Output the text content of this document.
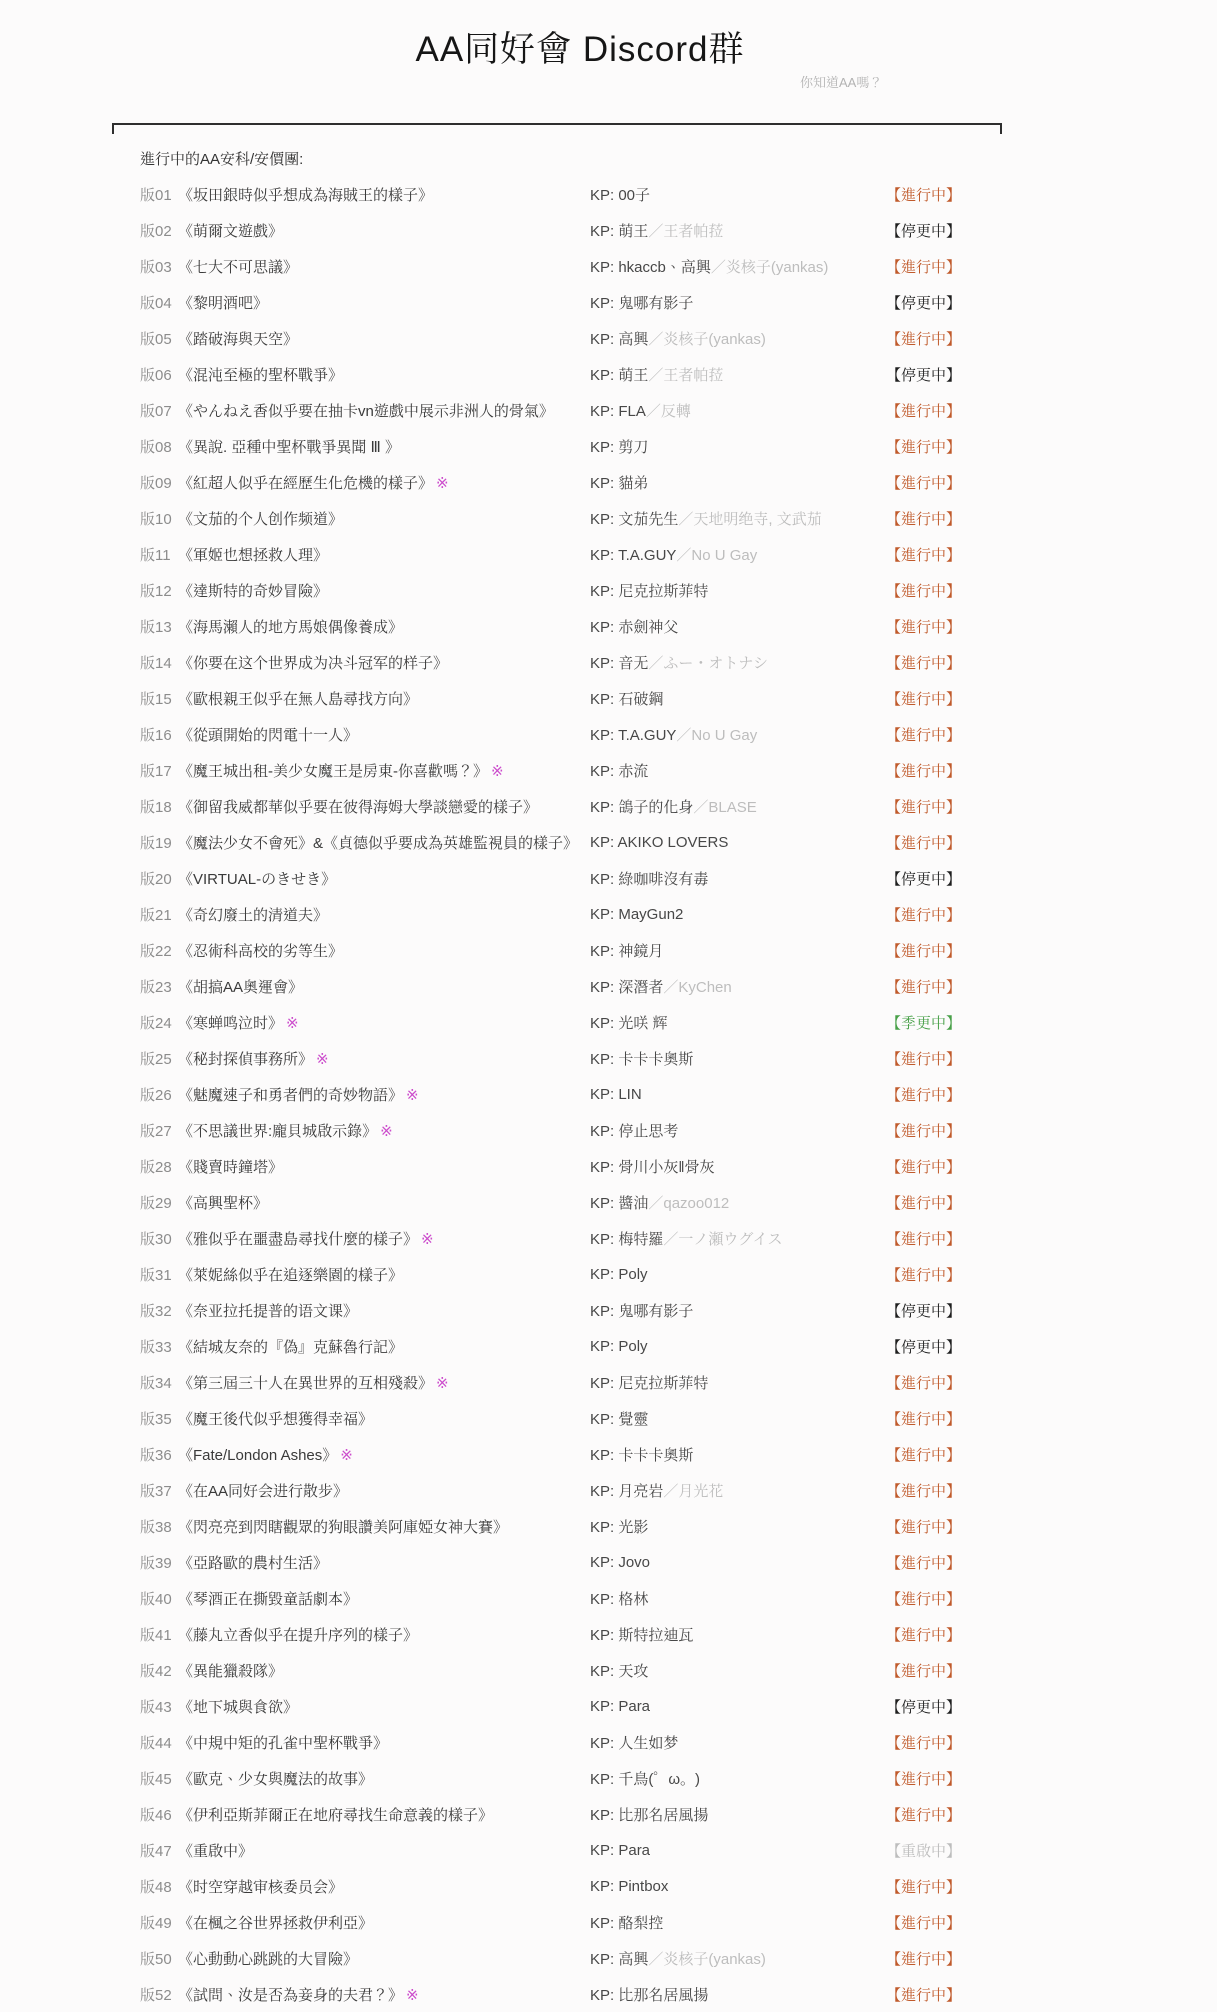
AA同好會 Discord群
你知道AA嗎？
進行中的AA安科/安價團:
版01 《坂田銀時似乎想成為海賊王的樣子》	KP: 00子	【進行中】
版02 《萌爾文遊戲》	KP: 萌王／王者帕菈	【停更中】
版03 《七大不可思議》	KP: hkaccb、高興／炎核子(yankas)	【進行中】
版04 《黎明酒吧》	KP: 鬼哪有影子	【停更中】
版05 《踏破海與天空》	KP: 高興／炎核子(yankas)	【進行中】
版06 《混沌至極的聖杯戰爭》	KP: 萌王／王者帕菈	【停更中】
版07 《やんねえ香似乎要在抽卡vn遊戲中展示非洲人的骨氣》	KP: FLA／反轉	【進行中】
版08 《異說. 亞種中聖杯戰爭異聞 Ⅲ 》	KP: 剪刀	【進行中】
版09 《紅超人似乎在經歷生化危機的樣子》 ※	KP: 貓弟	【進行中】
版10 《文茄的个人创作频道》	KP: 文茄先生／天地明绝寺, 文武茄	【進行中】
版11 《軍姬也想拯救人理》	KP: T.A.GUY／No U Gay	【進行中】
版12 《達斯特的奇妙冒險》	KP: 尼克拉斯菲特	【進行中】
版13 《海馬瀨人的地方馬娘偶像養成》	KP: 赤劍神父	【進行中】
版14 《你要在这个世界成为决斗冠军的样子》	KP: 音无／ふー・オトナシ	【進行中】
版15 《歐根親王似乎在無人島尋找方向》	KP: 石破鋼	【進行中】
版16 《從頭開始的閃電十一人》	KP: T.A.GUY／No U Gay	【進行中】
版17 《魔王城出租-美少女魔王是房東-你喜歡嗎？》 ※	KP: 赤流	【進行中】
版18 《御留我威都華似乎要在彼得海姆大學談戀愛的樣子》	KP: 鴿子的化身／BLASE	【進行中】
版19 《魔法少女不會死》&《貞德似乎要成為英雄監視員的樣子》 KP: AKIKO LOVERS	【進行中】
版20 《VIRTUAL-のきせき》	KP: 綠咖啡沒有毒	【停更中】
版21 《奇幻廢土的清道夫》	KP: MayGun2	【進行中】
版22 《忍術科高校的劣等生》	KP: 神鏡月	【進行中】
版23 《胡搞AA奧運會》	KP: 深潛者／KyChen	【進行中】
版24 《寒蝉鸣泣时》 ※	KP: 光咲 辉	【季更中】
版25 《秘封探偵事務所》 ※	KP: 卡卡卡奧斯	【進行中】
版26 《魅魔速子和勇者們的奇妙物語》 ※	KP: LIN	【進行中】
版27 《不思議世界:龐貝城啟示錄》 ※	KP: 停止思考	【進行中】
版28 《賤賣時鐘塔》	KP: 骨川小灰‖骨灰	【進行中】
版29 《高興聖杯》	KP: 醬油／qazoo012	【進行中】
版30 《雅似乎在噩盡島尋找什麼的樣子》 ※	KP: 梅特羅／一ノ瀬ウグイス	【進行中】
版31 《萊妮絲似乎在追逐樂園的樣子》	KP: Poly	【進行中】
版32 《奈亚拉托提普的语文课》	KP: 鬼哪有影子	【停更中】
版33 《結城友奈的『偽』克蘇魯行記》	KP: Poly	【停更中】
版34 《第三屆三十人在異世界的互相殘殺》 ※	KP: 尼克拉斯菲特	【進行中】
版35 《魔王後代似乎想獲得幸福》	KP: 覺靈	【進行中】
版36 《Fate/London Ashes》 ※	KP: 卡卡卡奧斯	【進行中】
版37 《在AA同好会进行散步》	KP: 月亮岩／月光花	【進行中】
版38 《閃亮亮到閃瞎觀眾的狗眼讚美阿庫婭女神大賽》	KP: 光影	【進行中】
版39 《亞路歐的農村生活》	KP: Jovo	【進行中】
版40 《琴酒正在撕毀童話劇本》	KP: 格林	【進行中】
版41 《藤丸立香似乎在提升序列的樣子》	KP: 斯特拉迪瓦	【進行中】
版42 《異能獵殺隊》	KP: 天攻	【進行中】
版43 《地下城與食欲》	KP: Para	【停更中】
版44 《中規中矩的孔雀中聖杯戰爭》	KP: 人生如梦	【進行中】
版45 《歐克、少女與魔法的故事》	KP: 千鳥(゜ω。)	【進行中】
版46 《伊利亞斯菲爾正在地府尋找生命意義的樣子》	KP: 比那名居風揚	【進行中】
版47 《重啟中》	KP: Para	【重啟中】
版48 《时空穿越审核委员会》	KP: Pintbox	【進行中】
版49 《在楓之谷世界拯救伊利亞》	KP: 酪梨控	【進行中】
版50 《心動動心跳跳的大冒險》	KP: 高興／炎核子(yankas)	【進行中】
版52 《試問、汝是否為妾身的夫君？》 ※	KP: 比那名居風揚	【進行中】
